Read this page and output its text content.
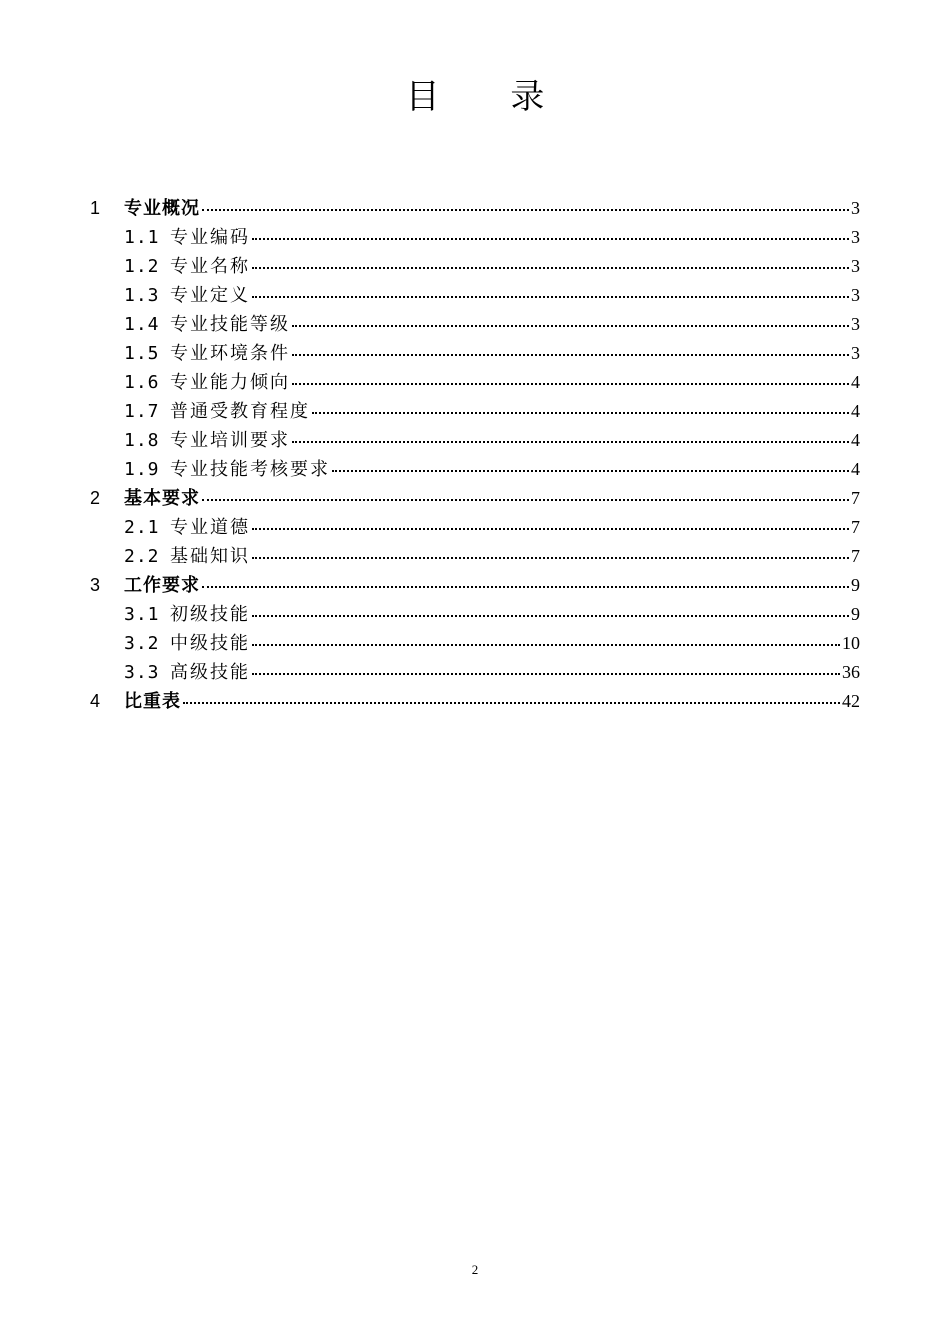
目 录
1	专业概况	3
1.1 专业编码	3
1.2 专业名称	3
1.3 专业定义	3
1.4 专业技能等级	3
1.5 专业环境条件	3
1.6 专业能力倾向	4
1.7 普通受教育程度	4
1.8 专业培训要求	4
1.9 专业技能考核要求	4
2	基本要求	7
2.1 专业道德	7
2.2 基础知识	7
3	工作要求	9
3.1 初级技能	9
3.2 中级技能	10
3.3 高级技能	36
4	比重表	42
2
